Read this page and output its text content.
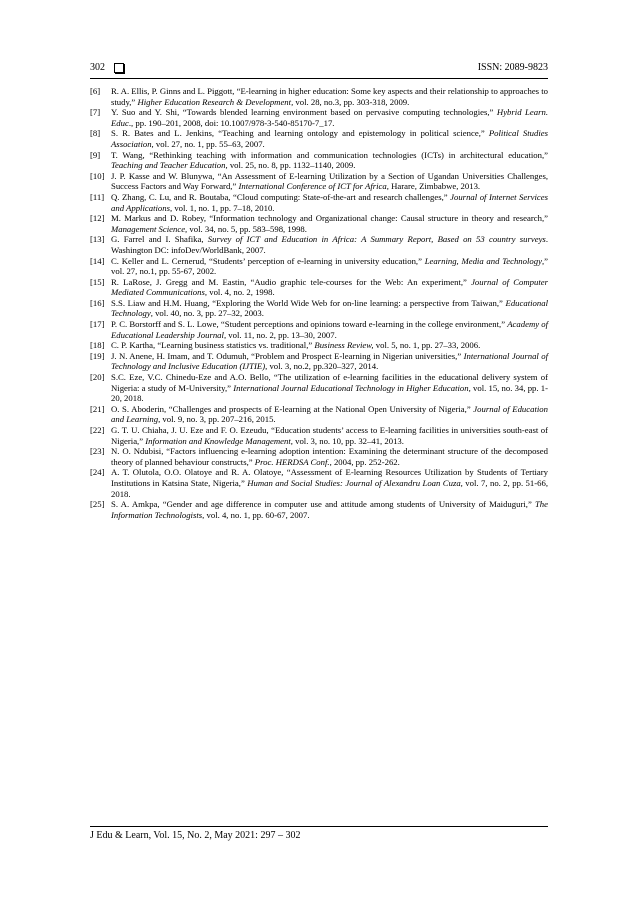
302	ISSN: 2089-9823

[6] R. A. Ellis, P. Ginns and L. Piggott, “E-learning in higher education: Some key aspects and their relationship to approaches to study,” Higher Education Research & Development, vol. 28, no.3, pp. 303-318, 2009.

[7] Y. Suo and Y. Shi, “Towards blended learning environment based on pervasive computing technologies,” Hybrid Learn. Educ., pp. 190–201, 2008, doi: 10.1007/978-3-540-85170-7_17.

[8] S. R. Bates and L. Jenkins, “Teaching and learning ontology and epistemology in political science,” Political Studies Association, vol. 27, no. 1, pp. 55–63, 2007.

[9] T. Wang, “Rethinking teaching with information and communication technologies (ICTs) in architectural education,” Teaching and Teacher Education, vol. 25, no. 8, pp. 1132–1140, 2009.

[10] J. P. Kasse and W. Blunywa, “An Assessment of E-learning Utilization by a Section of Ugandan Universities Challenges, Success Factors and Way Forward,” International Conference of ICT for Africa, Harare, Zimbabwe, 2013.

[11] Q. Zhang, C. Lu, and R. Boutaba, “Cloud computing: State-of-the-art and research challenges,” Journal of Internet Services and Applications, vol. 1, no. 1, pp. 7–18, 2010.

[12] M. Markus and D. Robey, “Information technology and Organizational change: Causal structure in theory and research,” Management Science, vol. 34, no. 5, pp. 583–598, 1998.

[13] G. Farrel and I. Shafika, Survey of ICT and Education in Africa: A Summary Report, Based on 53 country surveys. Washington DC: infoDev/WorldBank, 2007.

[14] C. Keller and L. Cernerud, “Students’ perception of e-learning in university education,” Learning, Media and Technology,” vol. 27, no.1, pp. 55-67, 2002.

[15] R. LaRose, J. Gregg and M. Eastin, “Audio graphic tele-courses for the Web: An experiment,” Journal of Computer Mediated Communications, vol. 4, no. 2, 1998.

[16] S.S. Liaw and H.M. Huang, “Exploring the World Wide Web for on-line learning: a perspective from Taiwan,” Educational Technology, vol. 40, no. 3, pp. 27–32, 2003.

[17] P. C. Borstorff and S. L. Lowe, “Student perceptions and opinions toward e-learning in the college environment,” Academy of Educational Leadership Journal, vol. 11, no. 2, pp. 13–30, 2007.

[18] C. P. Kartha, “Learning business statistics vs. traditional,” Business Review, vol. 5, no. 1, pp. 27–33, 2006.

[19] J. N. Anene, H. Imam, and T. Odumuh, “Problem and Prospect E-learning in Nigerian universities,” International Journal of Technology and Inclusive Education (IJTIE), vol. 3, no.2, pp.320–327, 2014.

[20] S.C. Eze, V.C. Chinedu-Eze and A.O. Bello, “The utilization of e-learning facilities in the educational delivery system of Nigeria: a study of M-University,” International Journal Educational Technology in Higher Education, vol. 15, no. 34, pp. 1-20, 2018.

[21] O. S. Aboderin, “Challenges and prospects of E-learning at the National Open University of Nigeria,” Journal of Education and Learning, vol. 9, no. 3, pp. 207–216, 2015.

[22] G. T. U. Chiaha, J. U. Eze and F. O. Ezeudu, “Education students’ access to E-learning facilities in universities south-east of Nigeria,” Information and Knowledge Management, vol. 3, no. 10, pp. 32–41, 2013.

[23] N. O. Ndubisi, “Factors influencing e-learning adoption intention: Examining the determinant structure of the decomposed theory of planned behaviour constructs,” Proc. HERDSA Conf., 2004, pp. 252-262.

[24] A. T. Olutola, O.O. Olatoye and R. A. Olatoye, “Assessment of E-learning Resources Utilization by Students of Tertiary Institutions in Katsina State, Nigeria,” Human and Social Studies: Journal of Alexandru Loan Cuza, vol. 7, no. 2, pp. 51-66, 2018.

[25] S. A. Amkpa, “Gender and age difference in computer use and attitude among students of University of Maiduguri,” The Information Technologists, vol. 4, no. 1, pp. 60-67, 2007.

J Edu & Learn, Vol. 15, No. 2, May 2021: 297 – 302
